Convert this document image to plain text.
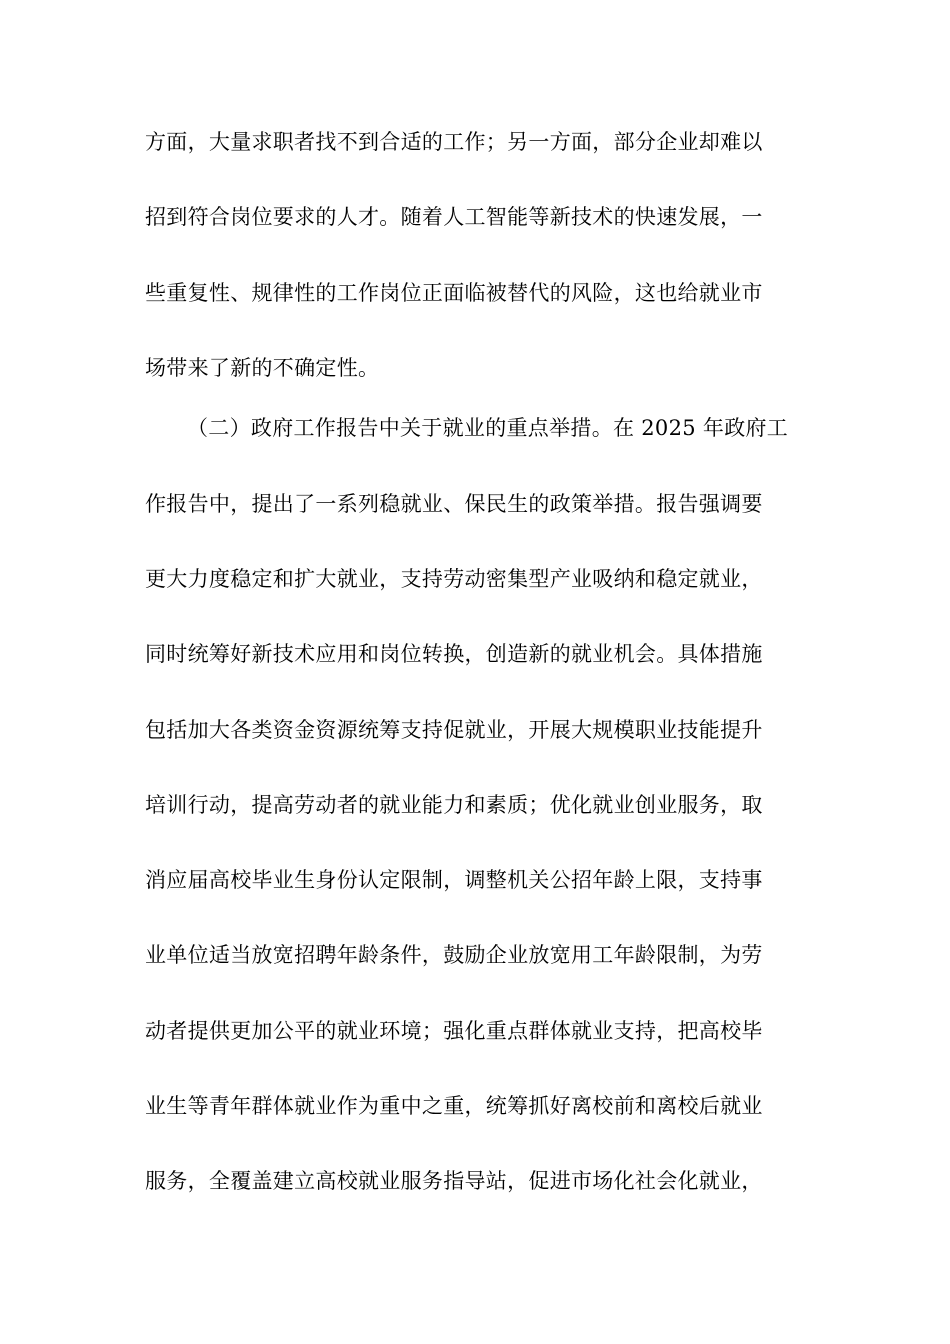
方面，大量求职者找不到合适的工作；另一方面，部分企业却难以
招到符合岗位要求的人才。随着人工智能等新技术的快速发展，一
些重复性、规律性的工作岗位正面临被替代的风险，这也给就业市
场带来了新的不确定性。
（二）政府工作报告中关于就业的重点举措。在 2025 年政府工
作报告中，提出了一系列稳就业、保民生的政策举措。报告强调要
更大力度稳定和扩大就业，支持劳动密集型产业吸纳和稳定就业，
同时统筹好新技术应用和岗位转换，创造新的就业机会。具体措施
包括加大各类资金资源统筹支持促就业，开展大规模职业技能提升
培训行动，提高劳动者的就业能力和素质；优化就业创业服务，取
消应届高校毕业生身份认定限制，调整机关公招年龄上限，支持事
业单位适当放宽招聘年龄条件，鼓励企业放宽用工年龄限制，为劳
动者提供更加公平的就业环境；强化重点群体就业支持，把高校毕
业生等青年群体就业作为重中之重，统筹抓好离校前和离校后就业
服务，全覆盖建立高校就业服务指导站，促进市场化社会化就业，
